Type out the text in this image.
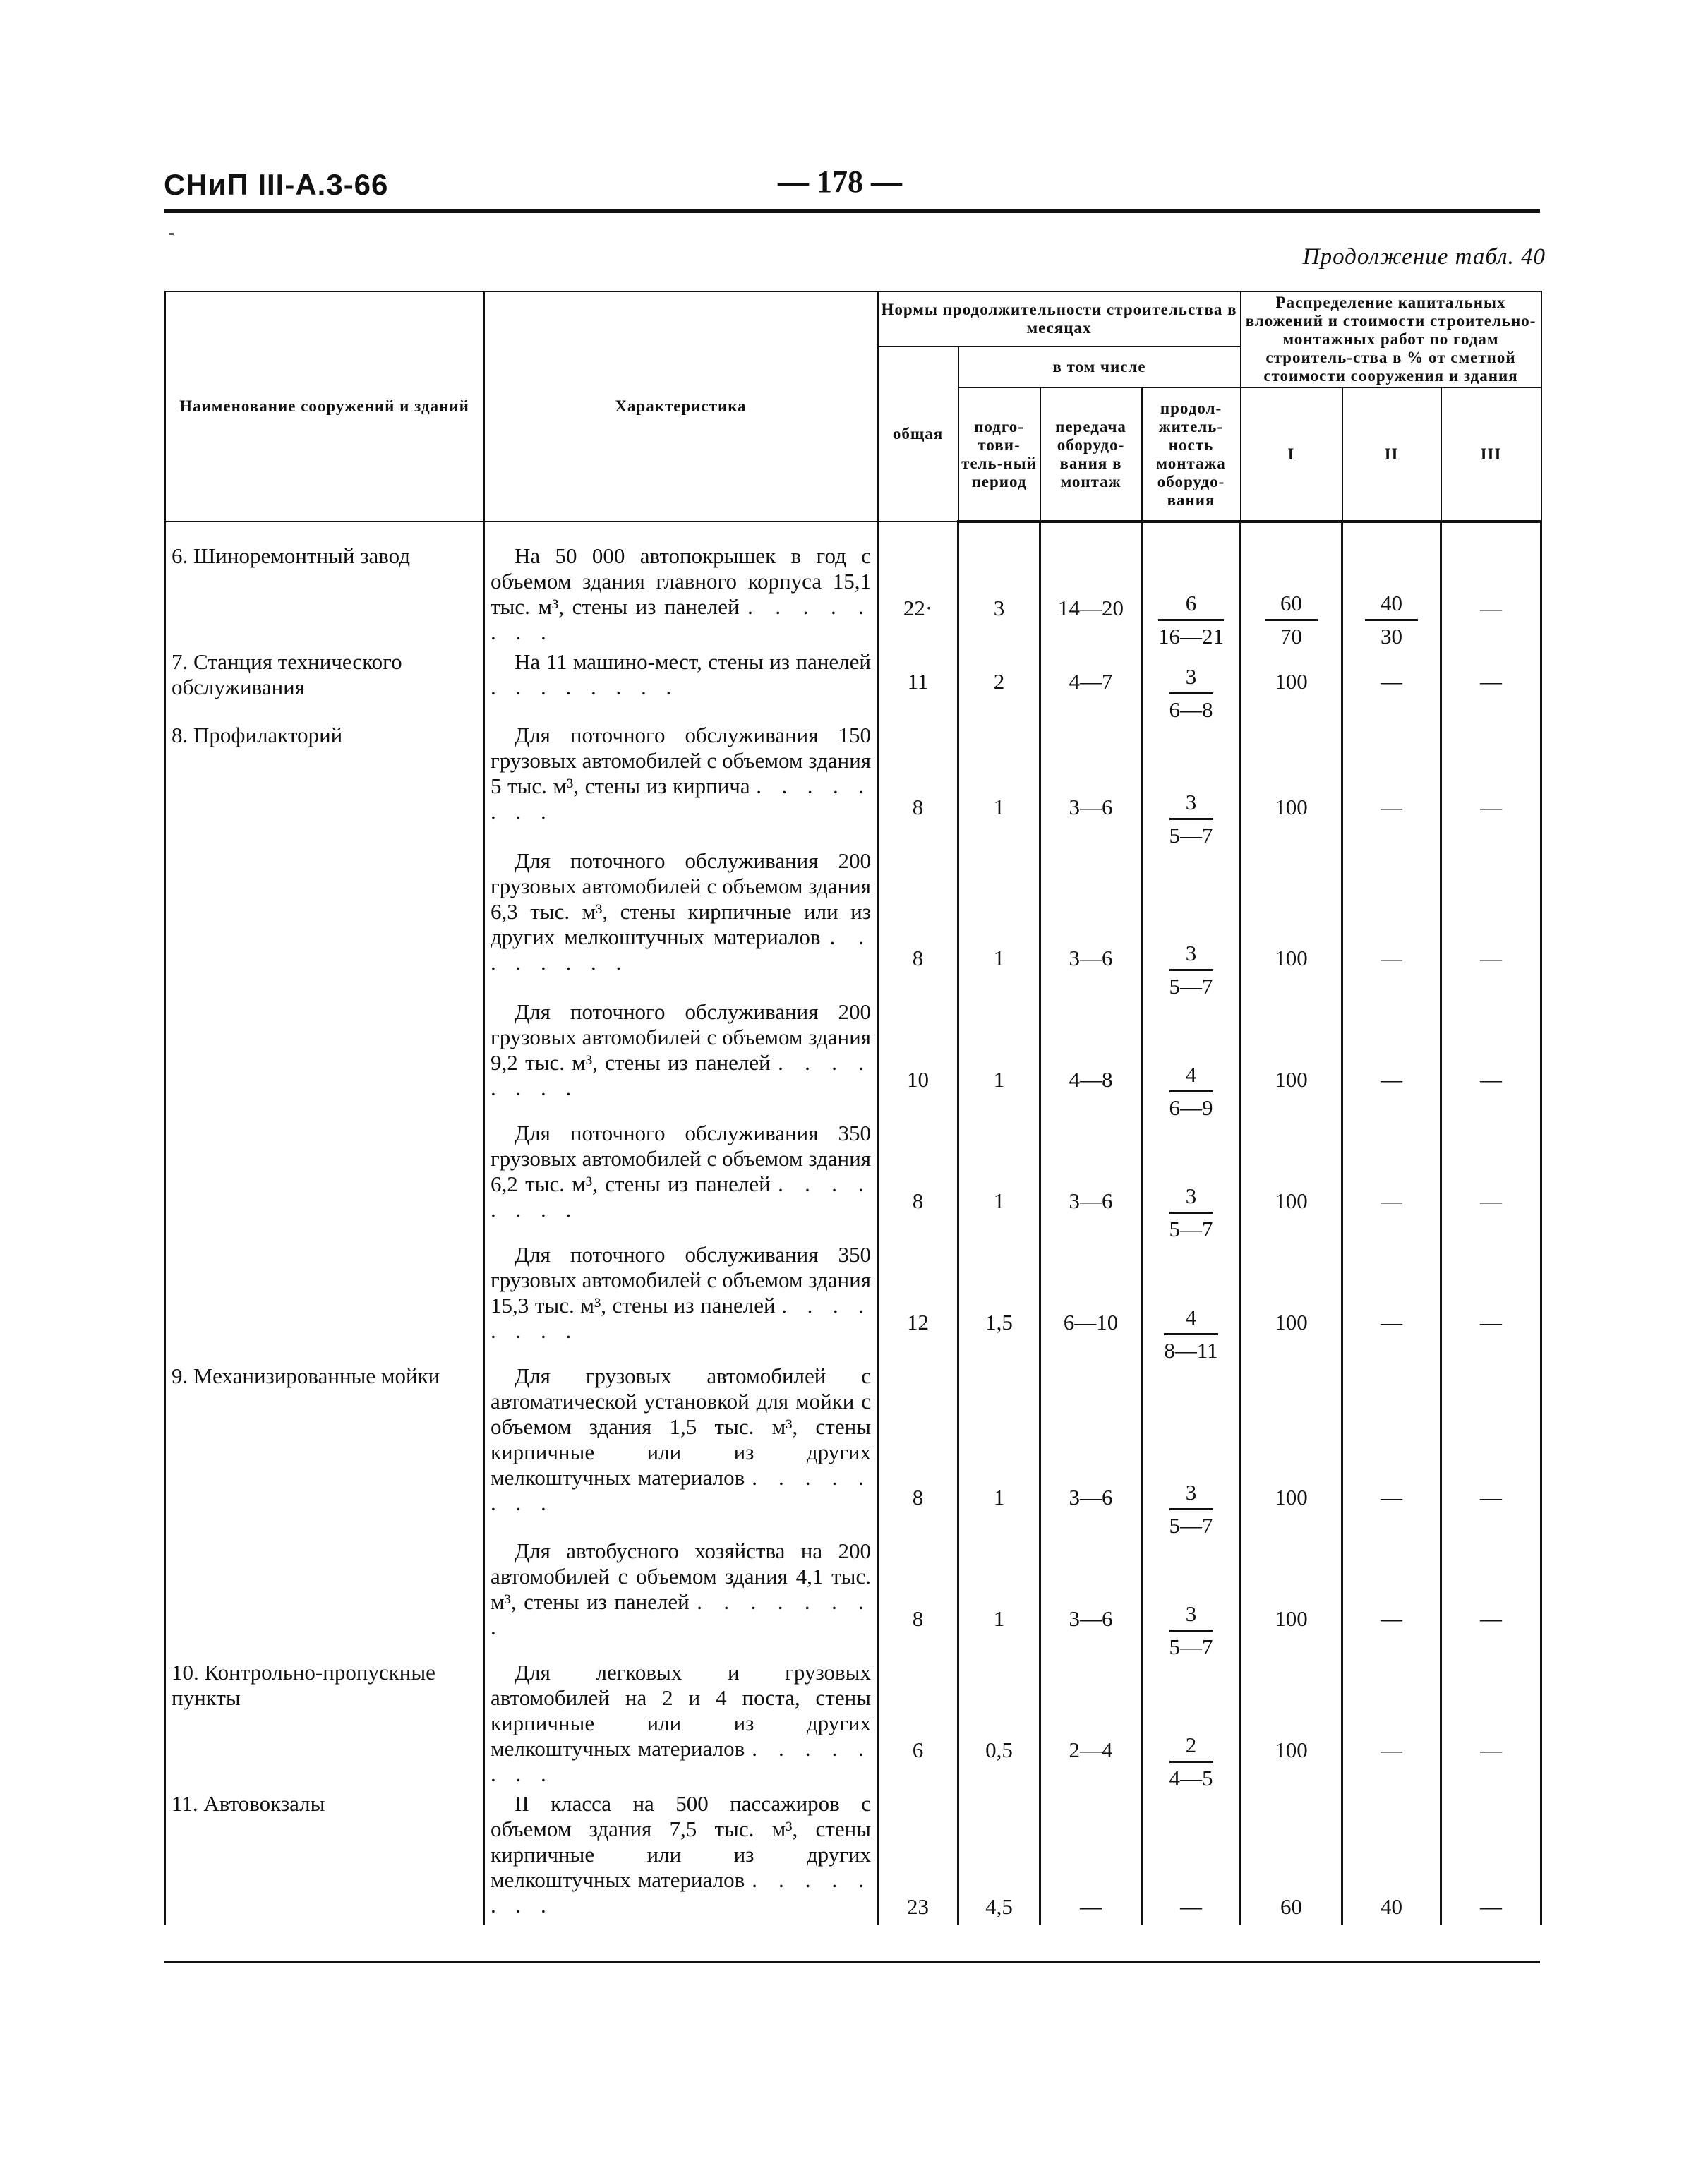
СНиП III-А.3-66	— 178 —
Продолжение табл. 40
Наименование сооружений и зданий	Характеристика	Нормы продолжительности строительства в месяцах				Распределение капитальных вложений и стоимости строительно-монтажных работ по годам строитель-ства в % от сметной стоимости сооружения и здания		
		общая	в том числе					
			подго-тови-тель-ный период	передача оборудо-вания в монтаж	продол-житель-ность монтажа оборудо-вания	I	II	III

6. Шиноремонтный завод	На 50 000 автопокрышек в год с объемом здания главного корпуса 15,1 тыс. м³, стены из панелей . . . . . . . .	22·	3	14—20	$\frac{6}{16—21}$	$\frac{60}{70}$	$\frac{40}{30}$	—

7. Станция технического обслуживания	На 11 машино-мест, стены из панелей . . . . . . . .	11	2	4—7	$\frac{3}{6—8}$	100	—	—

8. Профилакторий	Для поточного обслуживания 150 грузовых автомобилей с объемом здания 5 тыс. м³, стены из кирпича . . . . . . . .	8	1	3—6	$\frac{3}{5—7}$	100	—	—

	Для поточного обслуживания 200 грузовых автомобилей с объемом здания 6,3 тыс. м³, стены кирпичные или из других мелкоштучных материалов . . . . . . . .	8	1	3—6	$\frac{3}{5—7}$	100	—	—

	Для поточного обслуживания 200 грузовых автомобилей с объемом здания 9,2 тыс. м³, стены из панелей . . . . . . . .	10	1	4—8	$\frac{4}{6—9}$	100	—	—

	Для поточного обслуживания 350 грузовых автомобилей с объемом здания 6,2 тыс. м³, стены из панелей . . . . . . . .	8	1	3—6	$\frac{3}{5—7}$	100	—	—

	Для поточного обслуживания 350 грузовых автомобилей с объемом здания 15,3 тыс. м³, стены из панелей . . . . . . . .	12	1,5	6—10	$\frac{4}{8—11}$	100	—	—

9. Механизированные мойки	Для грузовых автомобилей с автоматической установкой для мойки с объемом здания 1,5 тыс. м³, стены кирпичные или из других мелкоштучных материалов . . . . . . . .	8	1	3—6	$\frac{3}{5—7}$	100	—	—

	Для автобусного хозяйства на 200 автомобилей с объемом здания 4,1 тыс. м³, стены из панелей . . . . . . . .	8	1	3—6	$\frac{3}{5—7}$	100	—	—

10. Контрольно-пропускные пункты	Для легковых и грузовых автомобилей на 2 и 4 поста, стены кирпичные или из других мелкоштучных материалов . . . . . . . .	6	0,5	2—4	$\frac{2}{4—5}$	100	—	—

11. Автовокзалы	II класса на 500 пассажиров с объемом здания 7,5 тыс. м³, стены кирпичные или из других мелкоштучных материалов . . . . . . . .	23	4,5	—	—	60	40	—
